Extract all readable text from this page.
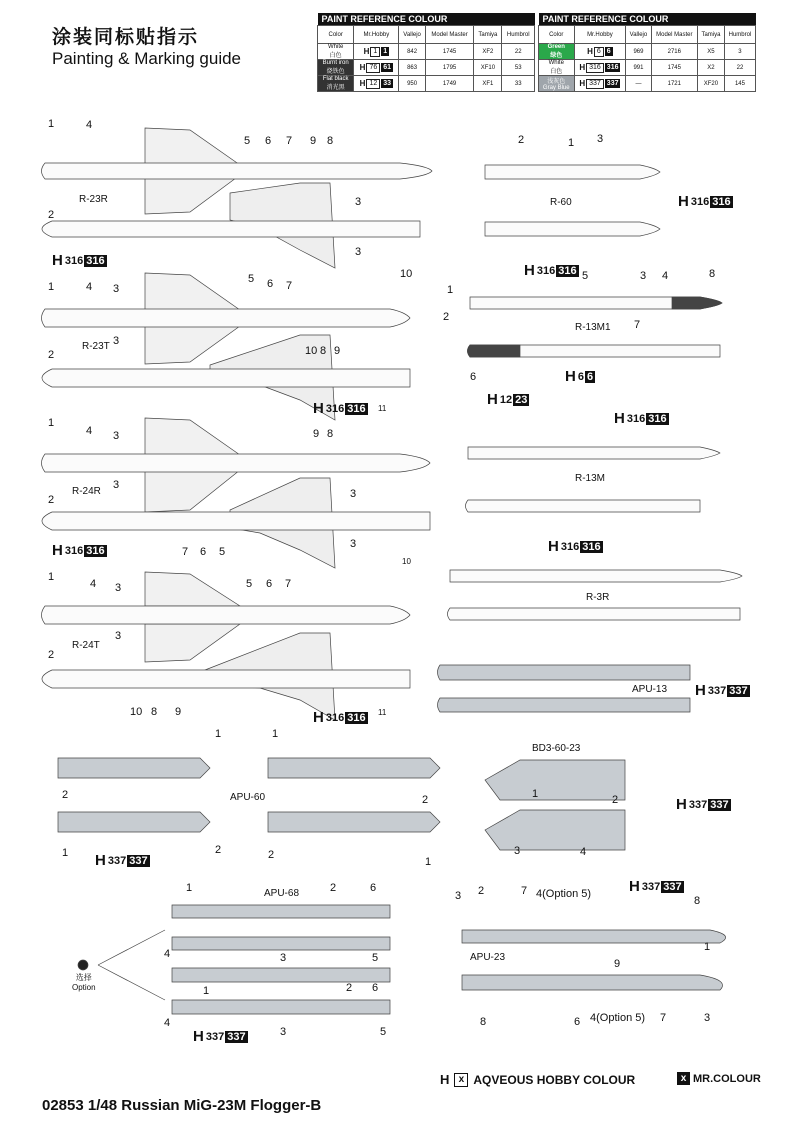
涂装同标贴指示
Painting & Marking guide
PAINT REFERENCE COLOUR					
Color	Mr.Hobby	Vallejo	Model Master	Tamiya	Humbrol
White
白色	H 1 1	842	1745	XF2	22
Burnt iron
烧铁色	H 76 61	863	1795	XF10	53
Flat black
消光黑	H 12 33	950	1749	XF1	33
PAINT REFERENCE COLOUR					
Color	Mr.Hobby	Vallejo	Model Master	Tamiya	Humbrol
Green
绿色	H 6 6	969	2716	X5	3
White
白色	H 316 316	991	1745	X2	22
浅灰色
Gray Blue	H 337 337	—	1721	XF20	145
R-23R
R-23T
R-24R
R-24T
R-60
R-13M1
R-13M
R-3R
APU-13
APU-60
BD3-60-23
APU-68
APU-23
选择
Option
4(Option 5)
4(Option 5)
H 316 316
H 316 316
H 316 316
H 316 316
H 316 316
H 316 316
H 6 6
H 12 23
H 316 316
H 316 316
H 337 337
H 337 337
H 337 337
H 337 337
H 337 337
1	4
5 6 7 9 8
2
3
3
10
1	4 3
5 6 7
3
10 8 9
2
11
1
4 3	9 8
3
2	3
3
7 6 5
10
1
4 3	5 6 7
3
2
10 8 9	11
2	1 3
5	3 4	8
1
2
7
6
1	1
2	2
1	2
2
1
1	2
3	4
1	2	6
4	3	5
1	2 6
4
3	5
3 2	7
8
1
9
8	6	7	3
H x AQVEOUS HOBBY COLOUR	x MR.COLOUR
02853 1/48 Russian MiG-23M Flogger-B
